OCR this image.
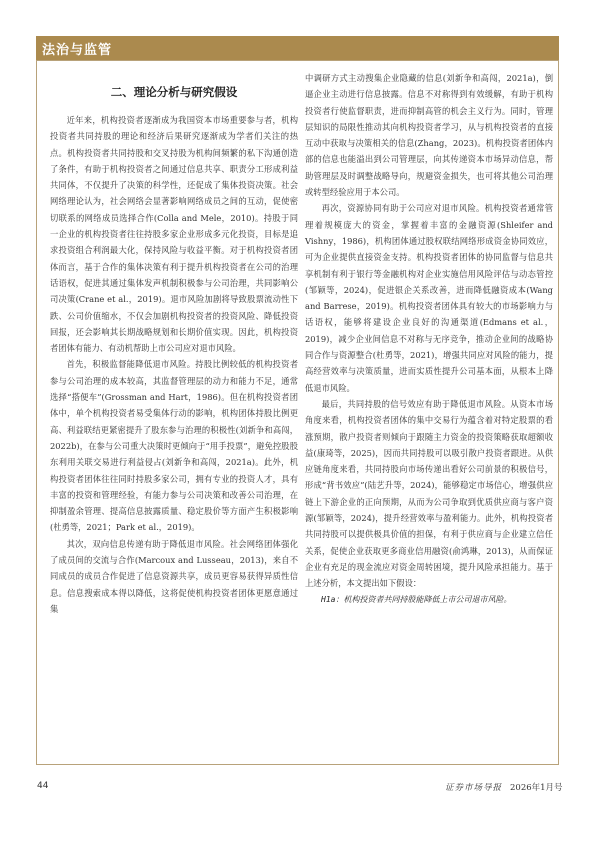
法治与监管
二、理论分析与研究假设

近年来，机构投资者逐渐成为我国资本市场重要参与者，机构投资者共同持股的理论和经济后果研究逐渐成为学者们关注的热点。机构投资者共同持股和交叉持股为机构间频繁的私下沟通创造了条件，有助于机构投资者之间通过信息共享、职责分工形成利益共同体，不仅提升了决策的科学性，还促成了集体投资决策。社会网络理论认为，社会网络会显著影响网络成员之间的互动，促使密切联系的网络成员选择合作(Colla and Mele，2010)。持股于同一企业的机构投资者往往持股多家企业形成多元化投资，目标是追求投资组合利润最大化，保持风险与收益平衡。对于机构投资者团体而言，基于合作的集体决策有利于提升机构投资者在公司的治理话语权，促进其通过集体发声机制积极参与公司治理，共同影响公司决策(Crane et al.，2019)。退市风险加剧将导致股票流动性下跌、公司价值缩水，不仅会加剧机构投资者的投资风险、降低投资回报，还会影响其长期战略规划和长期价值实现。因此，机构投资者团体有能力、有动机帮助上市公司应对退市风险。

首先，积极监督能降低退市风险。持股比例较低的机构投资者参与公司治理的成本较高，其监督管理层的动力和能力不足，通常选择“搭便车”(Grossman and Hart，1986)。但在机构投资者团体中，单个机构投资者易受集体行动的影响，机构团体持股比例更高、利益联结更紧密提升了股东参与治理的积极性(刘新争和高闯，2022b)，在参与公司重大决策时更倾向于“用手投票”，避免控股股东利用关联交易进行利益侵占(刘新争和高闯，2021a)。此外，机构投资者团体往往同时持股多家公司，拥有专业的投资人才，具有丰富的投资和管理经验，有能力参与公司决策和改善公司治理，在抑制盈余管理、提高信息披露质量、稳定股价等方面产生积极影响(杜勇等，2021；Park et al.，2019)。

其次，双向信息传递有助于降低退市风险。社会网络团体强化了成员间的交流与合作(Marcoux and Lusseau，2013)，来自不同成员的成员合作促进了信息资源共享，成员更容易获得异质性信息。信息搜索成本得以降低，这将促使机构投资者团体更愿意通过集

中调研方式主动搜集企业隐藏的信息(刘新争和高闯，2021a)，倒逼企业主动进行信息披露。信息不对称得到有效缓解，有助于机构投资者行使监督职责，进而抑制高管的机会主义行为。同时，管理层知识的局限性推动其向机构投资者学习，从与机构投资者的直接互动中获取与决策相关的信息(Zhang，2023)。机构投资者团体内部的信息也能溢出到公司管理层，向其传递资本市场异动信息，帮助管理层及时调整战略导向，规避资金损失，也可将其他公司治理或转型经验应用于本公司。

再次，资源协同有助于公司应对退市风险。机构投资者通常管理着规模庞大的资金，掌握着丰富的金融资源(Shleifer and Vishny，1986)，机构团体通过股权联结网络形成资金协同效应，可为企业提供直接资金支持。机构投资者团体的协同监督与信息共享机制有利于银行等金融机构对企业实施信用风险评估与动态管控(邹颖等，2024)，促进银企关系改善，进而降低融资成本(Wang and Barrese，2019)。机构投资者团体具有较大的市场影响力与话语权，能够将建设企业良好的沟通渠道(Edmans et al.，2019)，减少企业间信息不对称与无序竞争，推动企业间的战略协同合作与资源整合(杜勇等，2021)，增强共同应对风险的能力，提高经营效率与决策质量，进而实质性提升公司基本面，从根本上降低退市风险。

最后，共同持股的信号效应有助于降低退市风险。从资本市场角度来看，机构投资者团体的集中交易行为蕴含着对特定股票的看涨预期，散户投资者则倾向于跟随主力资金的投资策略获取超额收益(康琦等，2025)，因而共同持股可以吸引散户投资者跟进。从供应链角度来看，共同持股向市场传递出看好公司前景的积极信号，形成“背书效应”(陆艺升等，2024)，能够稳定市场信心，增强供应链上下游企业的正向预期，从而为公司争取到优质供应商与客户资源(邹颖等，2024)，提升经营效率与盈利能力。此外，机构投资者共同持股可以提供极具价值的担保，有利于供应商与企业建立信任关系，促使企业获取更多商业信用融资(俞鸿琳，2013)，从而保证企业有充足的现金流应对资金周转困境，提升风险承担能力。基于上述分析，本文提出如下假设：

H1a：机构投资者共同持股能降低上市公司退市风险。

44	证券市场导报 2026年1月号
